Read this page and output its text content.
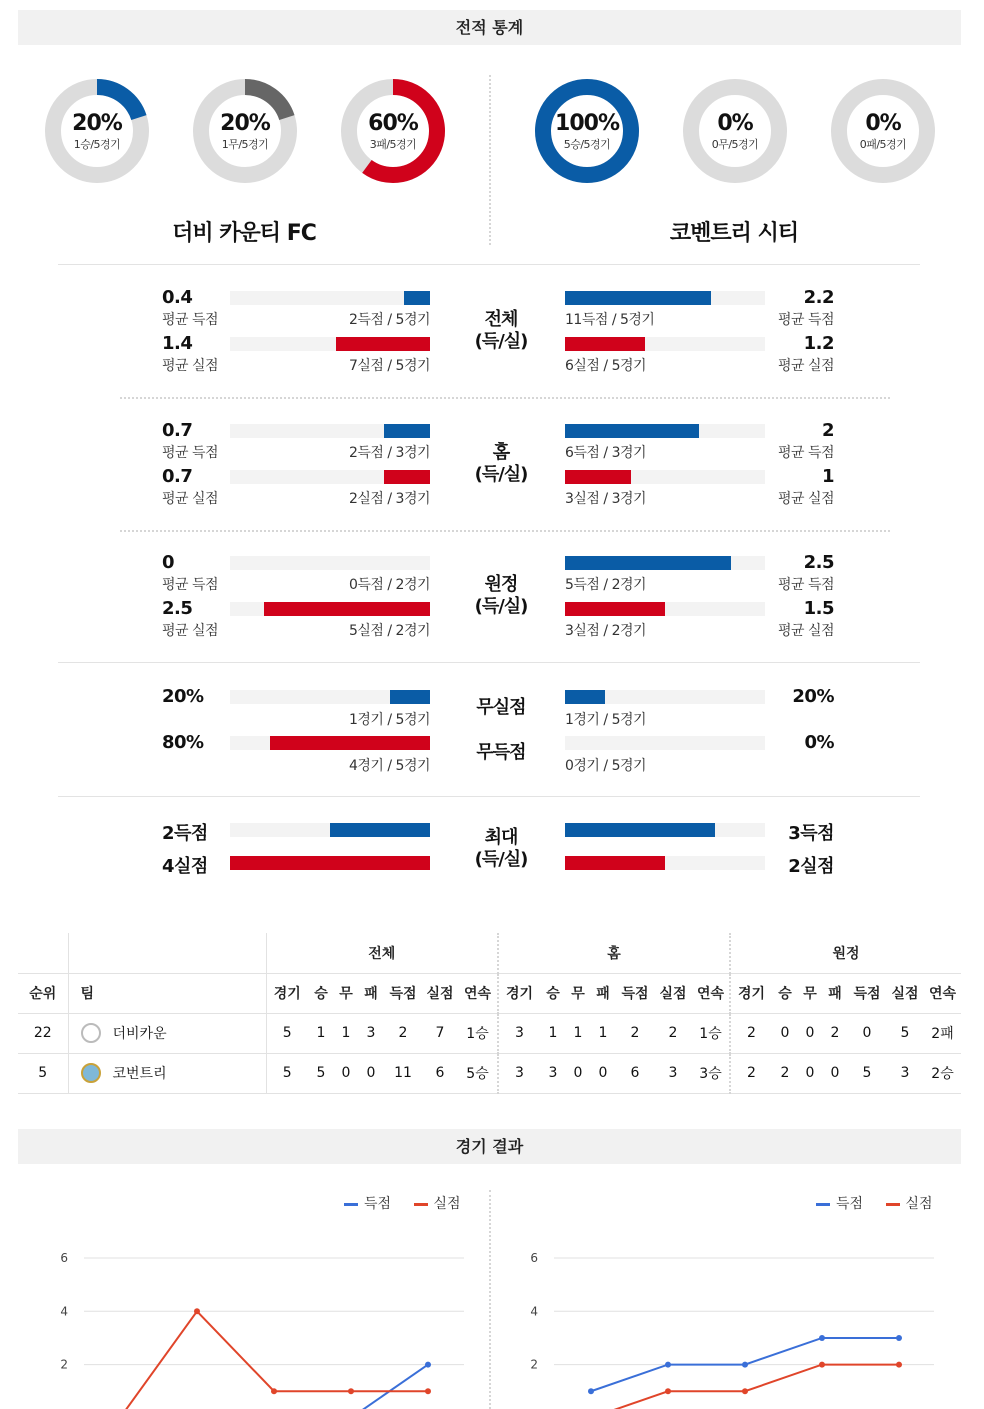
전적 통계
20%
1승/5경기
20%
1무/5경기
60%
3패/5경기
100%
5승/5경기
0%
0무/5경기
0%
0패/5경기
더비 카운티 FC	코벤트리 시티
0.4
평균 득점	2득점 / 5경기
1.4
평균 실점	7실점 / 5경기
전체
(득/실)
11득점 / 5경기
2.2
평균 득점
6실점 / 5경기
1.2
평균 실점
0.7
평균 득점	2득점 / 3경기
0.7
평균 실점	2실점 / 3경기
홈
(득/실)
6득점 / 3경기
2
평균 득점
3실점 / 3경기
1
평균 실점
0
평균 득점	0득점 / 2경기
2.5
평균 실점	5실점 / 2경기
원정
(득/실)
5득점 / 2경기
2.5
평균 득점
3실점 / 2경기
1.5
평균 실점
20%
1경기 / 5경기
80%
4경기 / 5경기
무실점
무득점
1경기 / 5경기
20%
0경기 / 5경기
0%
2득점
4실점
최대
(득/실)
3득점
2실점
		전체							홈							원정						
순위	팀	경기	승	무	패	득점	실점	연속	경기	승	무	패	득점	실점	연속	경기	승	무	패	득점	실점	연속
22	더비카운	5	1	1	3	2	7	1승	3	1	1	1	2	2	1승	2	0	0	2	0	5	2패
5	코번트리	5	5	0	0	11	6	5승	3	3	0	0	6	3	3승	2	2	0	0	5	3	2승
경기 결과
득점	실점	득점	실점
2
4
6
2
4
6
